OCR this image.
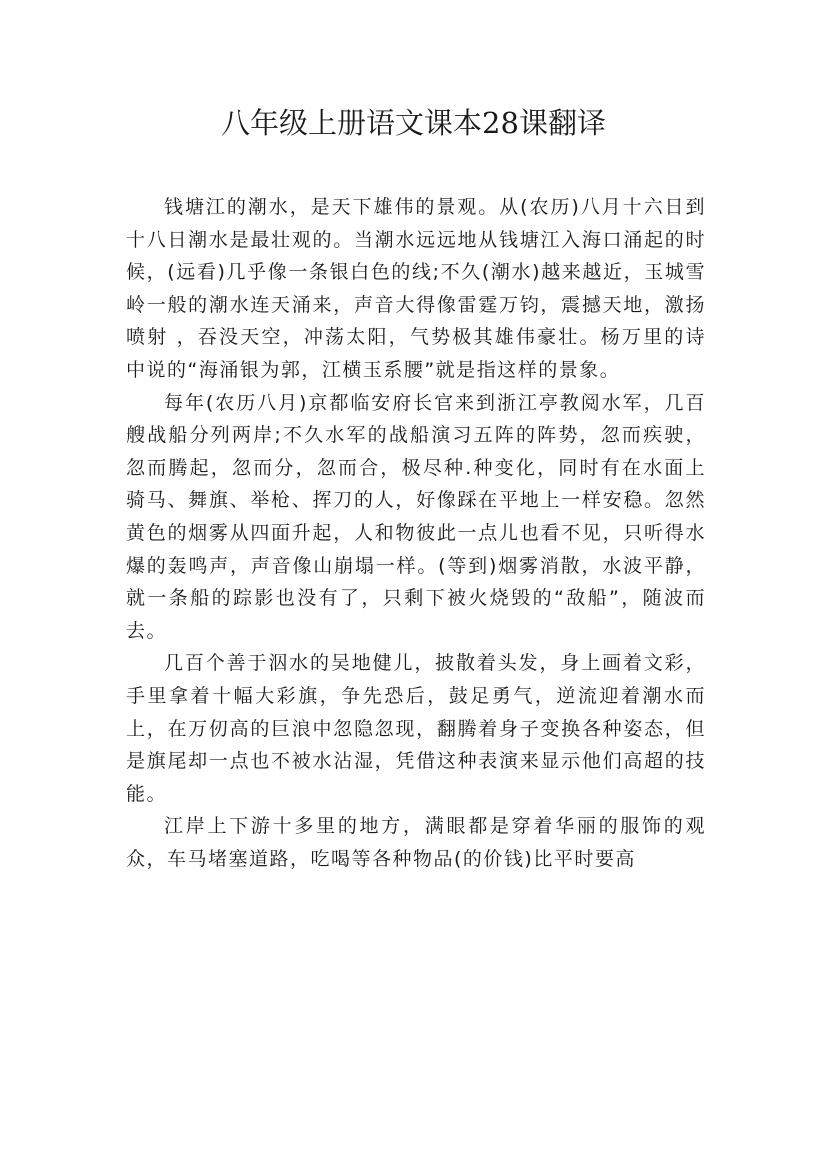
八年级上册语文课本28课翻译

钱塘江的潮水，是天下雄伟的景观。从(农历)八月十六日到十八日潮水是最壮观的。当潮水远远地从钱塘江入海口涌起的时候，(远看)几乎像一条银白色的线;不久(潮水)越来越近，玉城雪岭一般的潮水连天涌来，声音大得像雷霆万钧，震撼天地，激扬喷射 ，吞没天空，冲荡太阳，气势极其雄伟豪壮。杨万里的诗中说的“海涌银为郭，江横玉系腰”就是指这样的景象。

每年(农历八月)京都临安府长官来到浙江亭教阅水军，几百艘战船分列两岸;不久水军的战船演习五阵的阵势，忽而疾驶，忽而腾起，忽而分，忽而合，极尽种.种变化，同时有在水面上骑马、舞旗、举枪、挥刀的人，好像踩在平地上一样安稳。忽然黄色的烟雾从四面升起，人和物彼此一点儿也看不见，只听得水爆的轰鸣声，声音像山崩塌一样。(等到)烟雾消散，水波平静，就一条船的踪影也没有了，只剩下被火烧毁的“敌船”，随波而去。

几百个善于泅水的吴地健儿，披散着头发，身上画着文彩，手里拿着十幅大彩旗，争先恐后，鼓足勇气，逆流迎着潮水而上，在万仞高的巨浪中忽隐忽现，翻腾着身子变换各种姿态，但是旗尾却一点也不被水沾湿，凭借这种表演来显示他们高超的技能。

江岸上下游十多里的地方，满眼都是穿着华丽的服饰的观众，车马堵塞道路，吃喝等各种物品(的价钱)比平时要高
